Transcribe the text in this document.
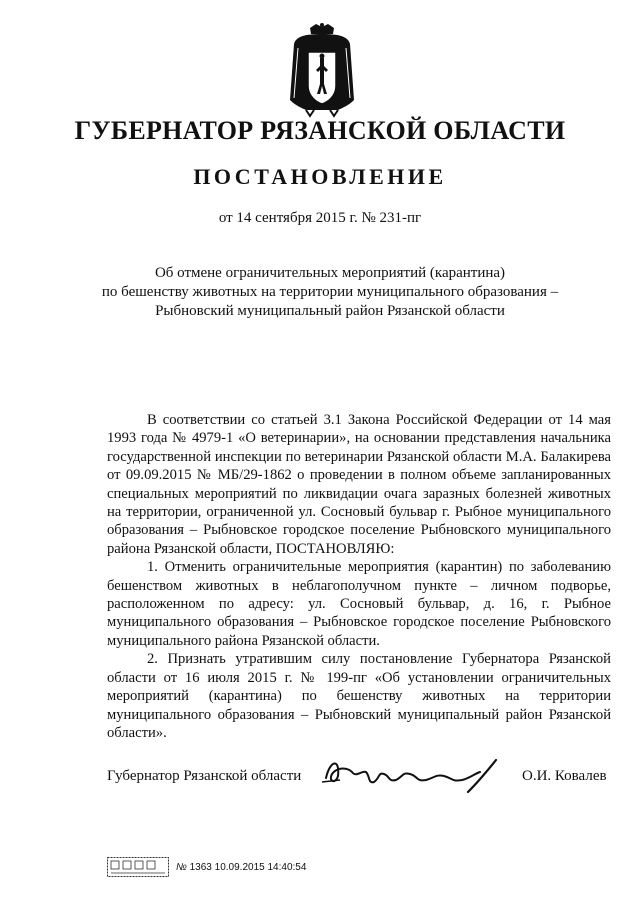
ГУБЕРНАТОР РЯЗАНСКОЙ ОБЛАСТИ
ПОСТАНОВЛЕНИЕ
от 14 сентября 2015 г. № 231-пг
Об отмене ограничительных мероприятий (карантина)
по бешенству животных на территории муниципального образования –
Рыбновский муниципальный район Рязанской области

В соответствии со статьей 3.1 Закона Российской Федерации от 14 мая 1993 года № 4979-1 «О ветеринарии», на основании представления начальника государственной инспекции по ветеринарии Рязанской области М.А. Балакирева от 09.09.2015 № МБ/29-1862 о проведении в полном объеме запланированных специальных мероприятий по ликвидации очага заразных болезней животных на территории, ограниченной ул. Сосновый бульвар г. Рыбное муниципального образования – Рыбновское городское поселение Рыбновского муниципального района Рязанской области, ПОСТАНОВЛЯЮ:

1. Отменить ограничительные мероприятия (карантин) по заболеванию бешенством животных в неблагополучном пункте – личном подворье, расположенном по адресу: ул. Сосновый бульвар, д. 16, г. Рыбное муниципального образования – Рыбновское городское поселение Рыбновского муниципального района Рязанской области.

2. Признать утратившим силу постановление Губернатора Рязанской области от 16 июля 2015 г. № 199-пг «Об установлении ограничительных мероприятий (карантина) по бешенству животных на территории муниципального образования – Рыбновский муниципальный район Рязанской области».

Губернатор Рязанской области	О.И. Ковалев
№ 1363 10.09.2015 14:40:54
